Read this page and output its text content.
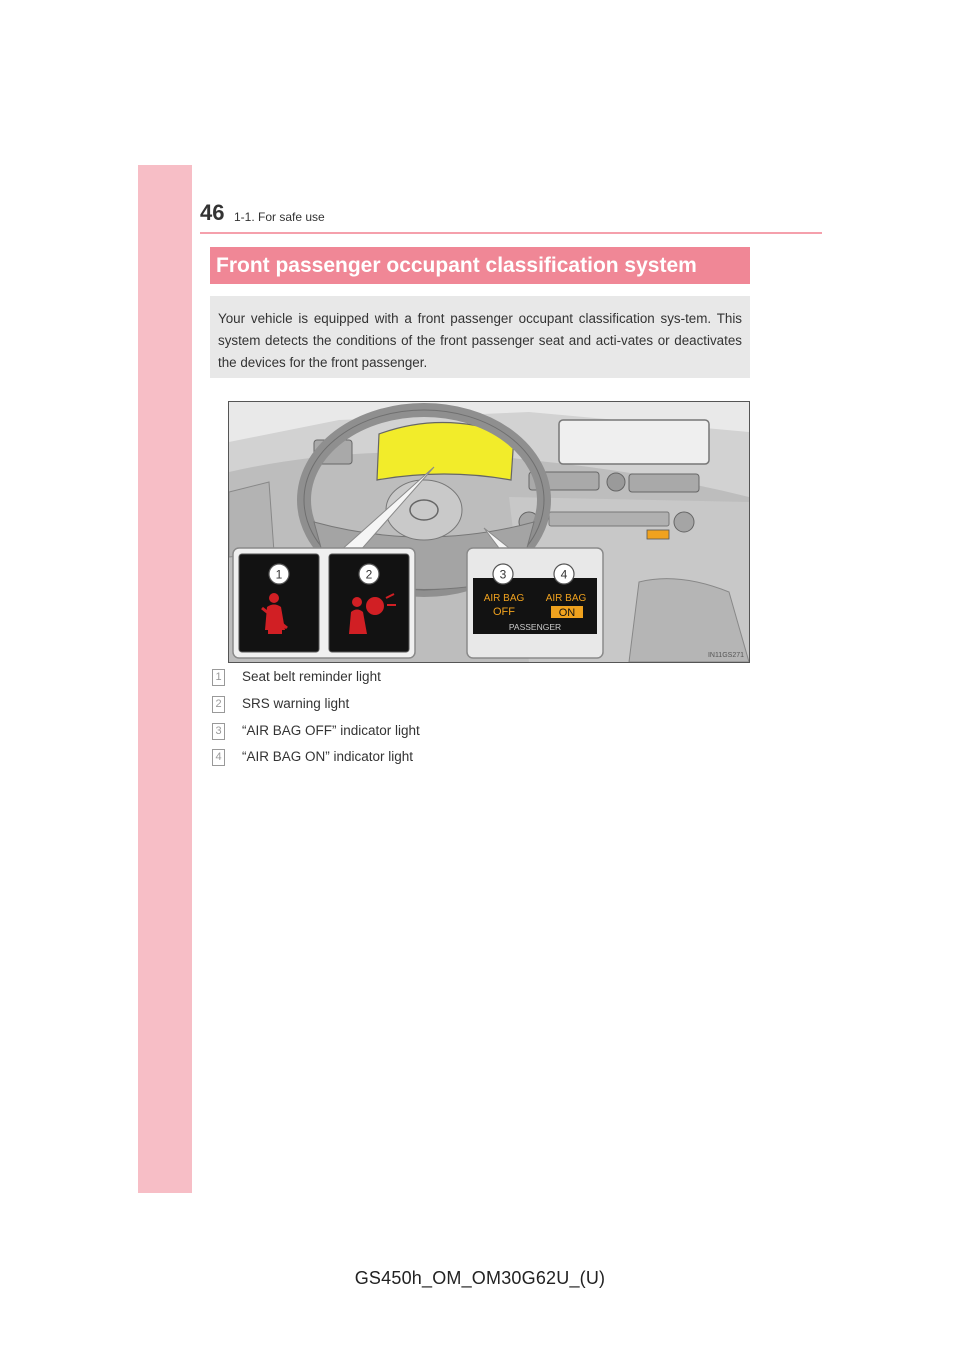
46 1-1. For safe use
Front passenger occupant classification system
Your vehicle is equipped with a front passenger occupant classification sys-tem. This system detects the conditions of the front passenger seat and acti-vates or deactivates the devices for the front passenger.
1	2	3	4
AIR BAG
OFF
AIR BAG
ON
PASSENGER
IN11GS271
1 Seat belt reminder light
2 SRS warning light
3 “AIR BAG OFF” indicator light
4 “AIR BAG ON” indicator light
GS450h_OM_OM30G62U_(U)
